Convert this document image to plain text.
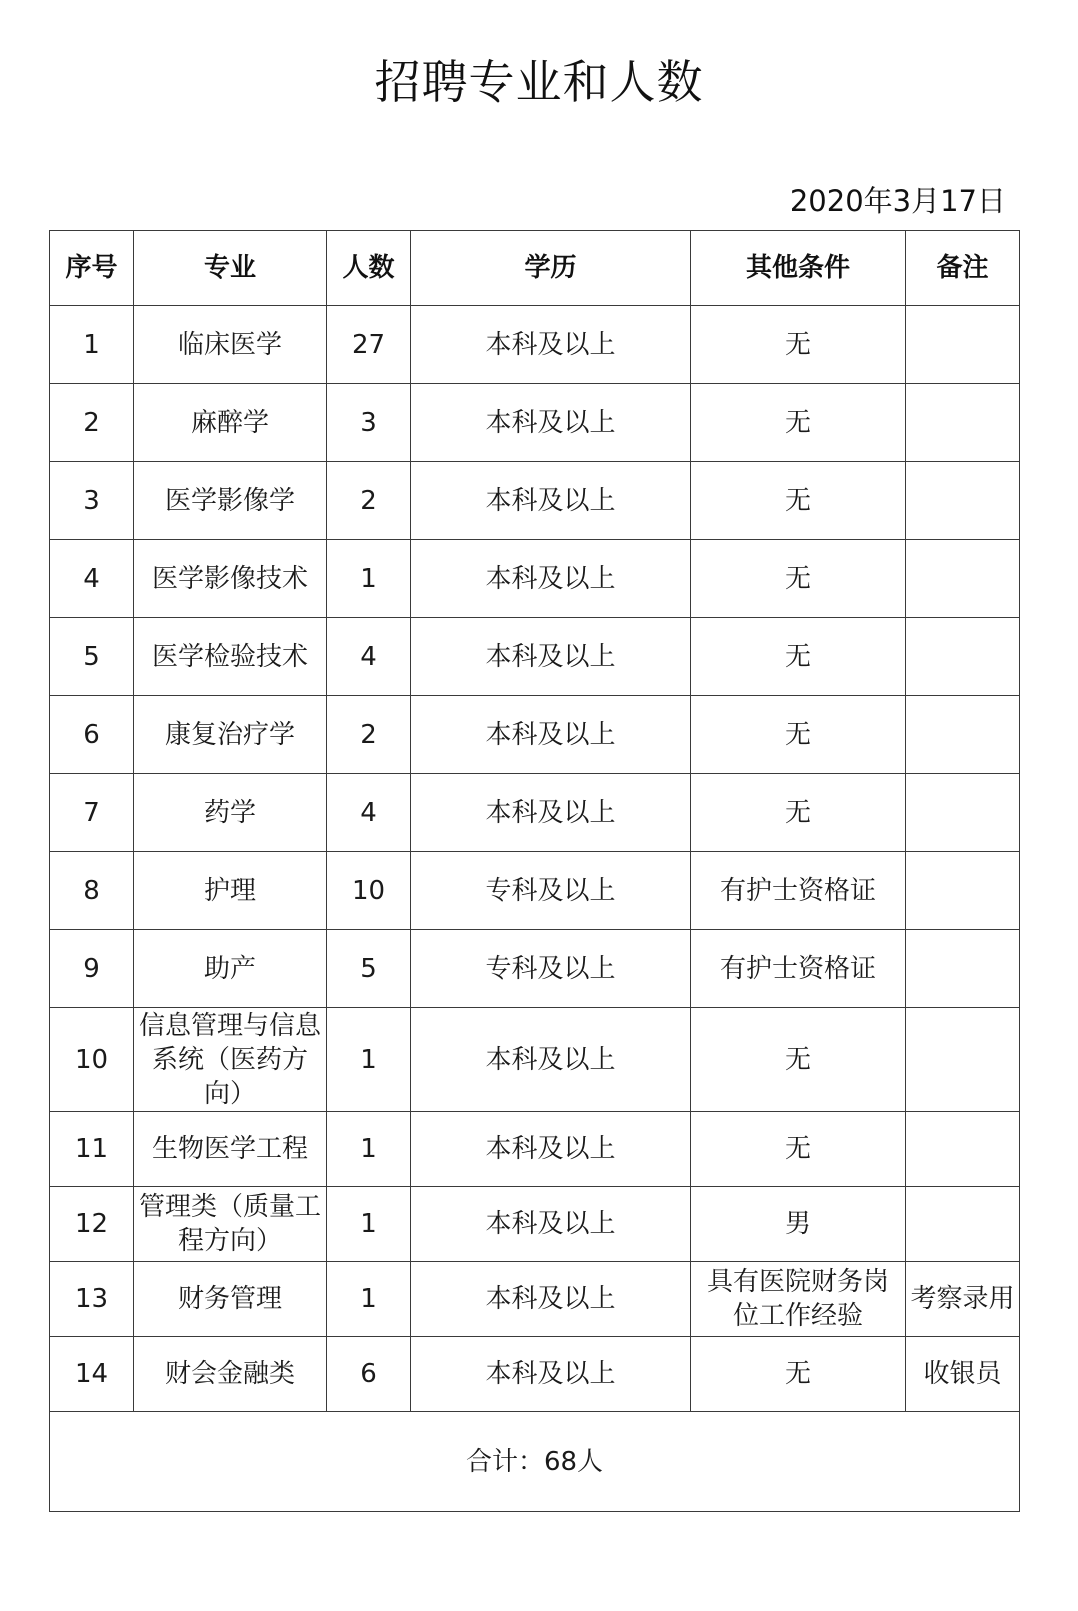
招聘专业和人数
2020年3月17日
序号	专业	人数	学历	其他条件	备注
1	临床医学	27	本科及以上	无	
2	麻醉学	3	本科及以上	无	
3	医学影像学	2	本科及以上	无	
4	医学影像技术	1	本科及以上	无	
5	医学检验技术	4	本科及以上	无	
6	康复治疗学	2	本科及以上	无	
7	药学	4	本科及以上	无	
8	护理	10	专科及以上	有护士资格证	
9	助产	5	专科及以上	有护士资格证	
10	信息管理与信息系统（医药方向）	1	本科及以上	无	
11	生物医学工程	1	本科及以上	无	
12	管理类（质量工程方向）	1	本科及以上	男	
13	财务管理	1	本科及以上	具有医院财务岗位工作经验	考察录用
14	财会金融类	6	本科及以上	无	收银员
合计：68人					
